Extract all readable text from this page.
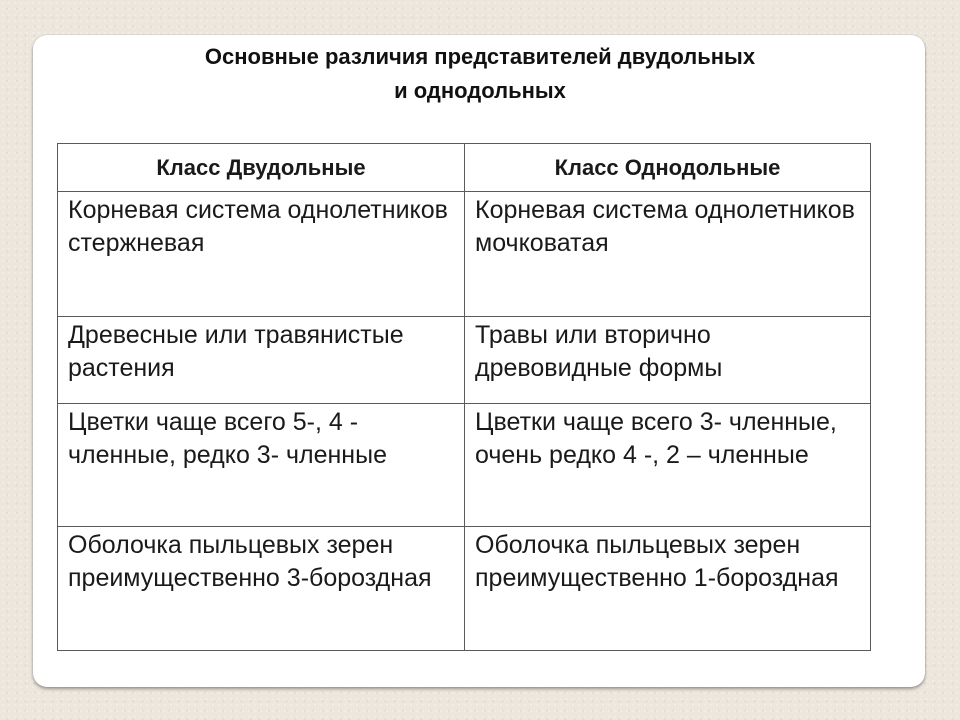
Основные различия представителей двудольных
и однодольных
Класс Двудольные	Класс Однодольные
Корневая система однолетников стержневая	Корневая система однолетников мочковатая
Древесные или травянистые растения	Травы или вторично древовидные формы
Цветки чаще всего 5-, 4 - членные, редко 3- членные	Цветки чаще всего 3- членные, очень редко 4 -, 2 – членные
Оболочка пыльцевых зерен преимущественно 3-бороздная	Оболочка пыльцевых зерен преимущественно 1-бороздная
